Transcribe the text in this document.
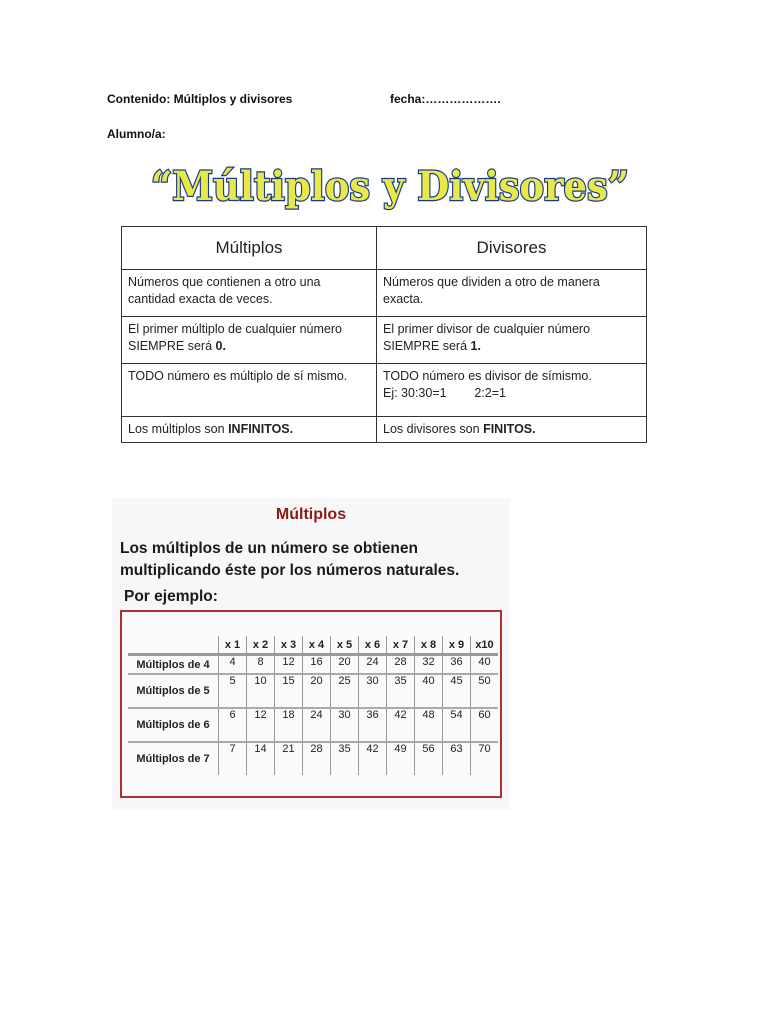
Contenido: Múltiplos y divisores	fecha:……………….
Alumno/a:
“Múltiplos y Divisores”
Múltiplos	Divisores
Números que contienen a otro una cantidad exacta de veces.	Números que dividen a otro de manera exacta.
El primer múltiplo de cualquier número SIEMPRE será 0.	El primer divisor de cualquier número SIEMPRE será 1.
TODO número es múltiplo de sí mismo.	TODO número es divisor de símismo.
Ej: 30:30=1        2:2=1

Los múltiplos son INFINITOS.	Los divisores son FINITOS.
Múltiplos
Los múltiplos de un número se obtienen multiplicando éste por los números naturales.
Por ejemplo:
	x 1	x 2	x 3	x 4	x 5	x 6	x 7	x 8	x 9	x10
Múltiplos de 4	4	8	12	16	20	24	28	32	36	40
Múltiplos de 5	5	10	15	20	25	30	35	40	45	50
Múltiplos de 6	6	12	18	24	30	36	42	48	54	60
Múltiplos de 7	7	14	21	28	35	42	49	56	63	70
